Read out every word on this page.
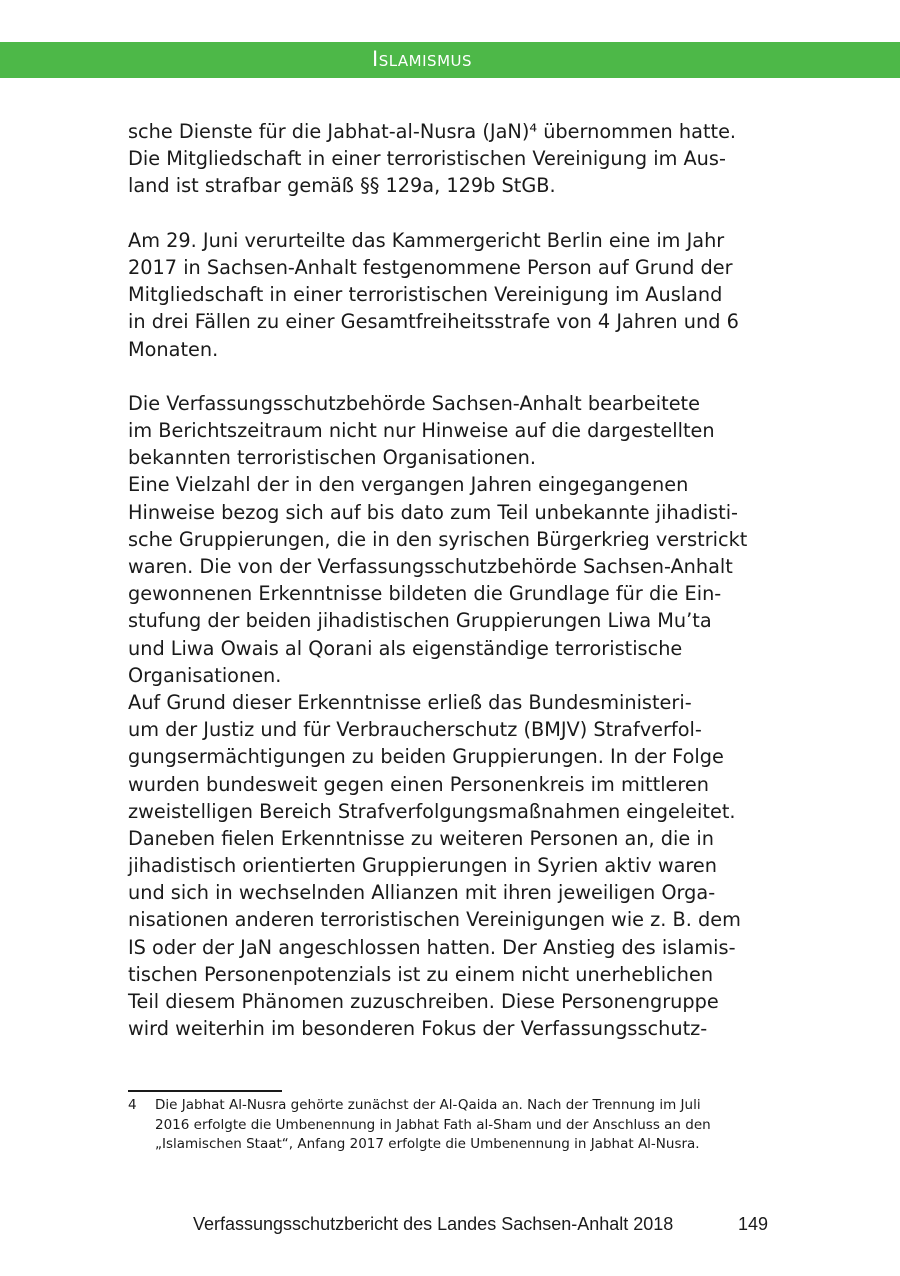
Islamismus
sche Dienste für die Jabhat-al-Nusra (JaN)⁴ übernommen hatte.
Die Mitgliedschaft in einer terroristischen Vereinigung im Aus-
land ist strafbar gemäß §§ 129a, 129b StGB.
Am 29. Juni verurteilte das Kammergericht Berlin eine im Jahr
2017 in Sachsen-Anhalt festgenommene Person auf Grund der
Mitgliedschaft in einer terroristischen Vereinigung im Ausland
in drei Fällen zu einer Gesamtfreiheitsstrafe von 4 Jahren und 6
Monaten.
Die Verfassungsschutzbehörde Sachsen-Anhalt bearbeitete
im Berichtszeitraum nicht nur Hinweise auf die dargestellten
bekannten terroristischen Organisationen.
Eine Vielzahl der in den vergangen Jahren eingegangenen
Hinweise bezog sich auf bis dato zum Teil unbekannte jihadisti-
sche Gruppierungen, die in den syrischen Bürgerkrieg verstrickt
waren. Die von der Verfassungsschutzbehörde Sachsen-Anhalt
gewonnenen Erkenntnisse bildeten die Grundlage für die Ein-
stufung der beiden jihadistischen Gruppierungen Liwa Mu’ta
und Liwa Owais al Qorani als eigenständige terroristische
Organisationen.
Auf Grund dieser Erkenntnisse erließ das Bundesministeri-
um der Justiz und für Verbraucherschutz (BMJV) Strafverfol-
gungsermächtigungen zu beiden Gruppierungen. In der Folge
wurden bundesweit gegen einen Personenkreis im mittleren
zweistelligen Bereich Strafverfolgungsmaßnahmen eingeleitet.
Daneben fielen Erkenntnisse zu weiteren Personen an, die in
jihadistisch orientierten Gruppierungen in Syrien aktiv waren
und sich in wechselnden Allianzen mit ihren jeweiligen Orga-
nisationen anderen terroristischen Vereinigungen wie z. B. dem
IS oder der JaN angeschlossen hatten. Der Anstieg des islamis-
tischen Personenpotenzials ist zu einem nicht unerheblichen
Teil diesem Phänomen zuzuschreiben. Diese Personengruppe
wird weiterhin im besonderen Fokus der Verfassungsschutz-
4 Die Jabhat Al-Nusra gehörte zunächst der Al-Qaida an. Nach der Trennung im Juli
2016 erfolgte die Umbenennung in Jabhat Fath al-Sham und der Anschluss an den
„Islamischen Staat“, Anfang 2017 erfolgte die Umbenennung in Jabhat Al-Nusra.
Verfassungsschutzbericht des Landes Sachsen-Anhalt 2018	149
